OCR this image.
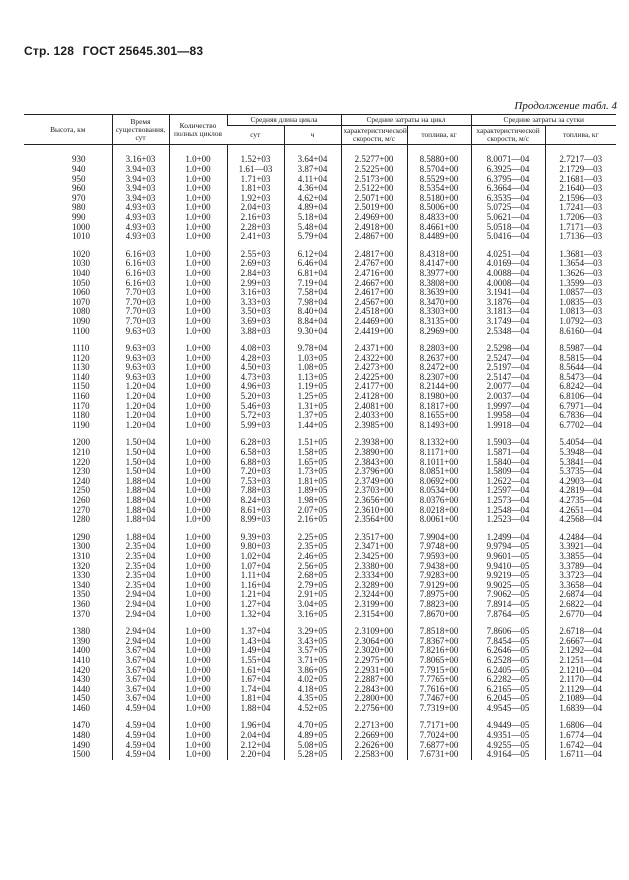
Стр. 128 ГОСТ 25645.301—83
Продолжение табл. 4
Высота, км	Время существования, сут	Количество полных циклов	Средняя длина цикла		Средние затраты на цикл		Средние затраты за сутки	
			сут	ч	характеристической скорости, м/с	топлива, кг	характеристической скорости, м/с	топлива, кг

930	3.16+03	1.0+00	1.52+03	3.64+04	2.5277+00	8.5880+00	8.0071—04	2.7217—03
940	3.94+03	1.0+00	1.61—03	3.87+04	2.5225+00	8.5704+00	6.3925—04	2.1729—03
950	3.94+03	1.0+00	1.71+03	4.11+04	2.5173+00	8.5529+00	6.3795—04	2.1681—03
960	3.94+03	1.0+00	1.81+03	4.36+04	2.5122+00	8.5354+00	6.3664—04	2.1640—03
970	3.94+03	1.0+00	1.92+03	4.62+04	2.5071+00	8.5180+00	6.3535—04	2.1596—03
980	4.93+03	1.0+00	2.04+03	4.89+04	2.5019+00	8.5006+00	5.0725—04	1.7241—03
990	4.93+03	1.0+00	2.16+03	5.18+04	2.4969+00	8.4833+00	5.0621—04	1.7206—03
1000	4.93+03	1.0+00	2.28+03	5.48+04	2.4918+00	8.4661+00	5.0518—04	1.7171—03
1010	4.93+03	1.0+00	2.41+03	5.79+04	2.4867+00	8.4489+00	5.0416—04	1.7136—03

1020	6.16+03	1.0+00	2.55+03	6.12+04	2.4817+00	8.4318+00	4.0251—04	1.3681—03
1030	6.16+03	1.0+00	2.69+03	6.46+04	2.4767+00	8.4147+00	4.0169—04	1.3654—03
1040	6.16+03	1.0+00	2.84+03	6.81+04	2.4716+00	8.3977+00	4.0088—04	1.3626—03
1050	6.16+03	1.0+00	2.99+03	7.19+04	2.4667+00	8.3808+00	4.0008—04	1.3599—03
1060	7.70+03	1.0+00	3.16+03	7.58+04	2.4617+00	8.3639+00	3.1941—04	1.0857—03
1070	7.70+03	1.0+00	3.33+03	7.98+04	2.4567+00	8.3470+00	3.1876—04	1.0835—03
1080	7.70+03	1.0+00	3.50+03	8.40+04	2.4518+00	8.3303+00	3.1813—04	1.0813—03
1090	7.70+03	1.0+00	3.69+03	8.84+04	2.4469+00	8.3135+00	3.1749—04	1.0792—03
1100	9.63+03	1.0+00	3.88+03	9.30+04	2.4419+00	8.2969+00	2.5348—04	8.6160—04

1110	9.63+03	1.0+00	4.08+03	9.78+04	2.4371+00	8.2803+00	2.5298—04	8.5987—04
1120	9.63+03	1.0+00	4.28+03	1.03+05	2.4322+00	8.2637+00	2.5247—04	8.5815—04
1130	9.63+03	1.0+00	4.50+03	1.08+05	2.4273+00	8.2472+00	2.5197—04	8.5644—04
1140	9.63+03	1.0+00	4.73+03	1.13+05	2.4225+00	8.2307+00	2.5147—04	8.5473—04
1150	1.20+04	1.0+00	4.96+03	1.19+05	2.4177+00	8.2144+00	2.0077—04	6.8242—04
1160	1.20+04	1.0+00	5.20+03	1.25+05	2.4128+00	8.1980+00	2.0037—04	6.8106—04
1170	1.20+04	1.0+00	5.46+03	1.31+05	2.4081+00	8.1817+00	1.9997—04	6.7971—04
1180	1.20+04	1.0+00	5.72+03	1.37+05	2.4033+00	8.1655+00	1.9958—04	6.7836—04
1190	1.20+04	1.0+00	5.99+03	1.44+05	2.3985+00	8.1493+00	1.9918—04	6.7702—04

1200	1.50+04	1.0+00	6.28+03	1.51+05	2.3938+00	8.1332+00	1.5903—04	5.4054—04
1210	1.50+04	1.0+00	6.58+03	1.58+05	2.3890+00	8.1171+00	1.5871—04	5.3948—04
1220	1.50+04	1.0+00	6.88+03	1.65+05	2.3843+00	8.1011+00	1.5840—04	5.3841—04
1230	1.50+04	1.0+00	7.20+03	1.73+05	2.3796+00	8.0851+00	1.5809—04	5.3735—04
1240	1.88+04	1.0+00	7.53+03	1.81+05	2.3749+00	8.0692+00	1.2622—04	4.2903—04
1250	1.88+04	1.0+00	7.88+03	1.89+05	2.3703+00	8.0534+00	1.2597—04	4.2819—04
1260	1.88+04	1.0+00	8.24+03	1.98+05	2.3656+00	8.0376+00	1.2573—04	4.2735—04
1270	1.88+04	1.0+00	8.61+03	2.07+05	2.3610+00	8.0218+00	1.2548—04	4.2651—04
1280	1.88+04	1.0+00	8.99+03	2.16+05	2.3564+00	8.0061+00	1.2523—04	4.2568—04

1290	1.88+04	1.0+00	9.39+03	2.25+05	2.3517+00	7.9904+00	1.2499—04	4.2484—04
1300	2.35+04	1.0+00	9.80+03	2.35+05	2.3471+00	7.9748+00	9.9794—05	3.3921—04
1310	2.35+04	1.0+00	1.02+04	2.46+05	2.3425+00	7.9593+00	9.9601—05	3.3855—04
1320	2.35+04	1.0+00	1.07+04	2.56+05	2.3380+00	7.9438+00	9.9410—05	3.3789—04
1330	2.35+04	1.0+00	1.11+04	2.68+05	2.3334+00	7.9283+00	9.9219—05	3.3723—04
1340	2.35+04	1.0+00	1.16+04	2.79+05	2.3289+00	7.9129+00	9.9025—05	3.3658—04
1350	2.94+04	1.0+00	1.21+04	2.91+05	2.3244+00	7.8975+00	7.9062—05	2.6874—04
1360	2.94+04	1.0+00	1.27+04	3.04+05	2.3199+00	7.8823+00	7.8914—05	2.6822—04
1370	2.94+04	1.0+00	1.32+04	3.16+05	2.3154+00	7.8670+00	7.8764—05	2.6770—04

1380	2.94+04	1.0+00	1.37+04	3.29+05	2.3109+00	7.8518+00	7.8606—05	2.6718—04
1390	2.94+04	1.0+00	1.43+04	3.43+05	2.3064+00	7.8367+00	7.8454—05	2.6667—04
1400	3.67+04	1.0+00	1.49+04	3.57+05	2.3020+00	7.8216+00	6.2646—05	2.1292—04
1410	3.67+04	1.0+00	1.55+04	3.71+05	2.2975+00	7.8065+00	6.2528—05	2.1251—04
1420	3.67+04	1.0+00	1.61+04	3.86+05	2.2931+00	7.7915+00	6.2405—05	2.1210—04
1430	3.67+04	1.0+00	1.67+04	4.02+05	2.2887+00	7.7765+00	6.2282—05	2.1170—04
1440	3.67+04	1.0+00	1.74+04	4.18+05	2.2843+00	7.7616+00	6.2165—05	2.1129—04
1450	3.67+04	1.0+00	1.81+04	4.35+05	2.2800+00	7.7467+00	6.2045—05	2.1089—04
1460	4.59+04	1.0+00	1.88+04	4.52+05	2.2756+00	7.7319+00	4.9545—05	1.6839—04

1470	4.59+04	1.0+00	1.96+04	4.70+05	2.2713+00	7.7171+00	4.9449—05	1.6806—04
1480	4.59+04	1.0+00	2.04+04	4.89+05	2.2669+00	7.7024+00	4.9351—05	1.6774—04
1490	4.59+04	1.0+00	2.12+04	5.08+05	2.2626+00	7.6877+00	4.9255—05	1.6742—04
1500	4.59+04	1.0+00	2.20+04	5.28+05	2.2583+00	7.6731+00	4.9164—05	1.6711—04
